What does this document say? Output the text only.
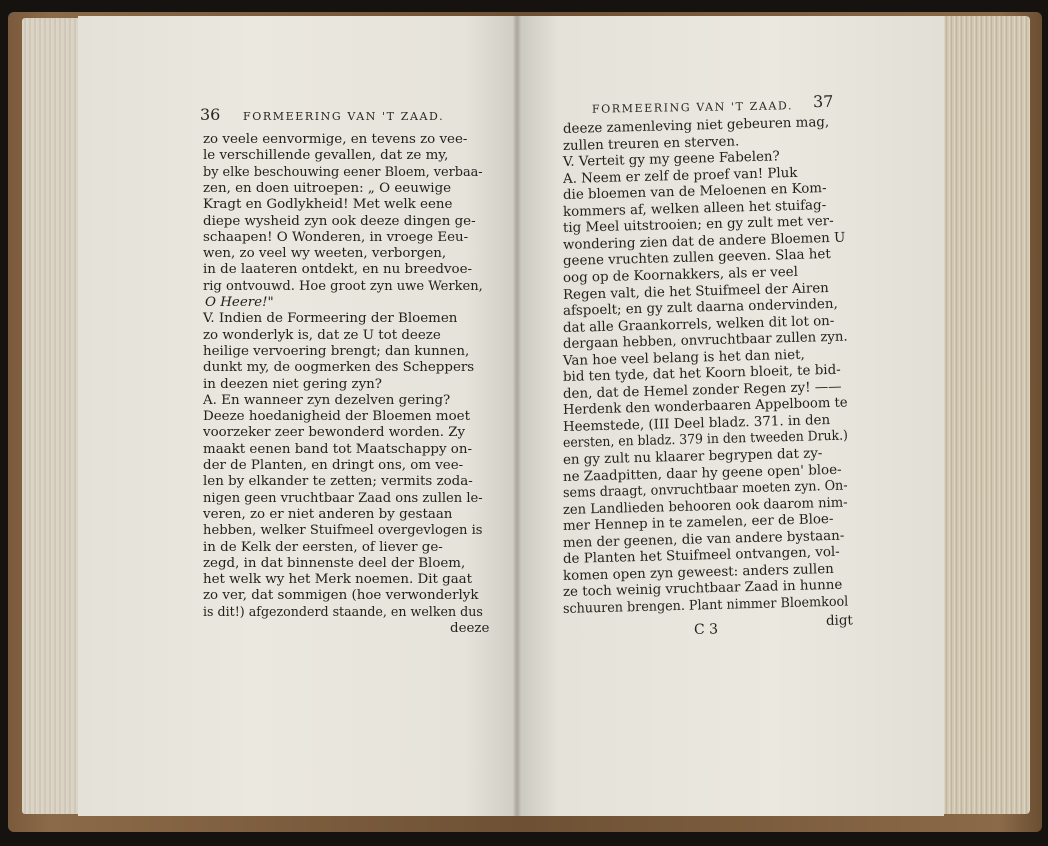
36 FORMEERING VAN 'T ZAAD.
FORMEERING VAN 'T ZAAD. 37
zo veele eenvormige, en tevens zo vee-
le verschillende gevallen, dat ze my,
by elke beschouwing eener Bloem, verbaa-
zen, en doen uitroepen: „ O eeuwige
Kragt en Godlykheid! Met welk eene
diepe wysheid zyn ook deeze dingen ge-
schaapen! O Wonderen, in vroege Eeu-
wen, zo veel wy weeten, verborgen,
in de laateren ontdekt, en nu breedvoe-
rig ontvouwd. Hoe groot zyn uwe Werken,
O Heere!"
V. Indien de Formeering der Bloemen
zo wonderlyk is, dat ze U tot deeze
heilige vervoering brengt; dan kunnen,
dunkt my, de oogmerken des Scheppers
in deezen niet gering zyn?
A. En wanneer zyn dezelven gering?
Deeze hoedanigheid der Bloemen moet
voorzeker zeer bewonderd worden. Zy
maakt eenen band tot Maatschappy on-
der de Planten, en dringt ons, om vee-
len by elkander te zetten; vermits zoda-
nigen geen vruchtbaar Zaad ons zullen le-
veren, zo er niet anderen by gestaan
hebben, welker Stuifmeel overgevlogen is
in de Kelk der eersten, of liever ge-
zegd, in dat binnenste deel der Bloem,
het welk wy het Merk noemen. Dit gaat
zo ver, dat sommigen (hoe verwonderlyk
is dit!) afgezonderd staande, en welken dus
deeze
deeze zamenleving niet gebeuren mag,
zullen treuren en sterven.
V. Verteit gy my geene Fabelen?
A. Neem er zelf de proef van! Pluk
die bloemen van de Meloenen en Kom-
kommers af, welken alleen het stuifag-
tig Meel uitstrooien; en gy zult met ver-
wondering zien dat de andere Bloemen U
geene vruchten zullen geeven. Slaa het
oog op de Koornakkers, als er veel
Regen valt, die het Stuifmeel der Airen
afspoelt; en gy zult daarna ondervinden,
dat alle Graankorrels, welken dit lot on-
dergaan hebben, onvruchtbaar zullen zyn.
Van hoe veel belang is het dan niet,
bid ten tyde, dat het Koorn bloeit, te bid-
den, dat de Hemel zonder Regen zy! ——
Herdenk den wonderbaaren Appelboom te
Heemstede, (III Deel bladz. 371. in den
eersten, en bladz. 379 in den tweeden Druk.)
en gy zult nu klaarer begrypen dat zy-
ne Zaadpitten, daar hy geene open' bloe-
sems draagt, onvruchtbaar moeten zyn. On-
zen Landlieden behooren ook daarom nim-
mer Hennep in te zamelen, eer de Bloe-
men der geenen, die van andere bystaan-
de Planten het Stuifmeel ontvangen, vol-
komen open zyn geweest: anders zullen
ze toch weinig vruchtbaar Zaad in hunne
schuuren brengen. Plant nimmer Bloemkool
C 3
digt
